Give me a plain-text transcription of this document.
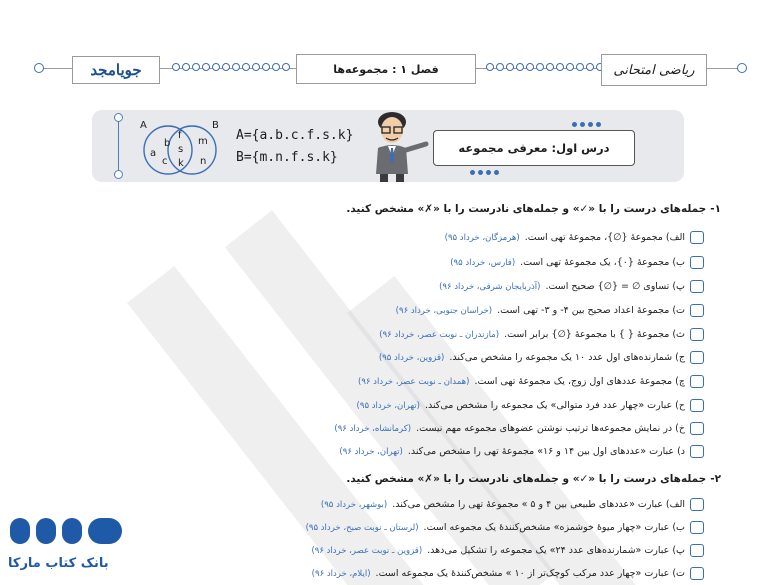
جویامجد	فصل ۱ : مجموعه‌ها	ریاضی امتحانی
A	B
a
b
c
f
s
k
m
n
A={a.b.c.f.s.k}
B={m.n.f.s.k}
درس اول: معرفی مجموعه
۱-جمله‌های درست را با «✓» و جمله‌های نادرست را با «✗» مشخص کنید.
الف) مجموعهٔ {∅}، مجموعهٔ تهی است.
(هرمزگان، خرداد ۹۵)
ب) مجموعهٔ {۰}، یک مجموعهٔ تهی است.
(فارس، خرداد ۹۵)
پ) تساوی ∅ = {∅} صحیح است.
(آذربایجان شرقی، خرداد ۹۶)
ت) مجموعهٔ اعداد صحیح بین ۴- و ۳- تهی است.
(خراسان جنوبی، خرداد ۹۶)
ث) مجموعهٔ { } با مجموعهٔ {∅} برابر است.
(مازندران ـ نوبت عصر، خرداد ۹۶)
ج) شمارنده‌های اول عدد ۱۰ یک مجموعه را مشخص می‌کند.
(قزوین، خرداد ۹۵)
چ) مجموعهٔ عددهای اول زوج، یک مجموعهٔ تهی است.
(همدان ـ نوبت عصر، خرداد ۹۶)
ح) عبارت «چهار عدد فرد متوالی» یک مجموعه را مشخص می‌کند.
(تهران، خرداد ۹۵)
خ) در نمایش مجموعه‌ها ترتیب نوشتن عضوهای مجموعه مهم نیست.
(کرمانشاه، خرداد ۹۶)
د) عبارت «عددهای اول بین ۱۴ و ۱۶» مجموعهٔ تهی را مشخص می‌کند.
(تهران، خرداد ۹۶)
۲-جمله‌های درست را با «✓» و جمله‌های نادرست را با «✗» مشخص کنید.
الف) عبارت «عددهای طبیعی بین ۴ و ۵ » مجموعهٔ تهی را مشخص می‌کند.
(بوشهر، خرداد ۹۵)
ب) عبارت «چهار میوهٔ خوشمزه» مشخص‌کنندهٔ یک مجموعه است.
(لرستان ـ نوبت صبح، خرداد ۹۵)
پ) عبارت «شمارنده‌های عدد ۲۴» یک مجموعه را تشکیل می‌دهد.
(قزوین ـ نوبت عصر، خرداد ۹۶)
ت) عبارت «چهار عدد مرکب کوچک‌تر از ۱۰ » مشخص‌کنندهٔ یک مجموعه است.
(ایلام، خرداد ۹۶)
بانک کتاب مارکا
